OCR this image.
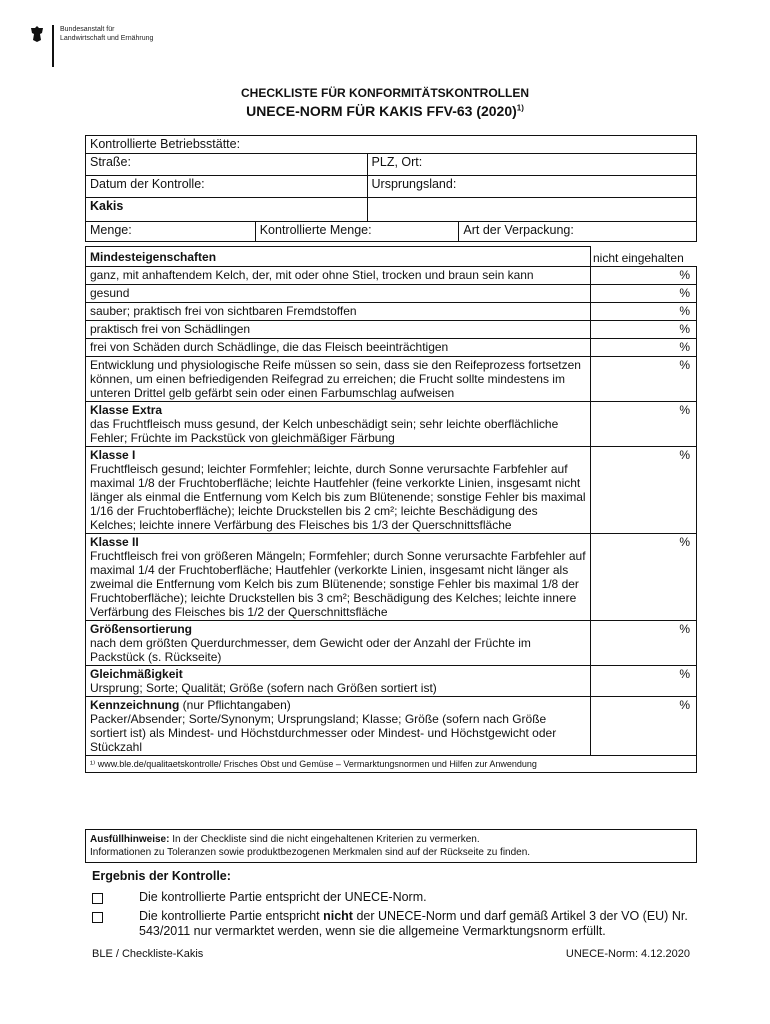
Bundesanstalt für
Landwirtschaft und Ernährung
CHECKLISTE FÜR KONFORMITÄTSKONTROLLEN
UNECE-NORM FÜR KAKIS FFV-63 $(2020)^{1)}$
Kontrollierte Betriebsstätte:			
Straße:		PLZ, Ort:	
Datum der Kontrolle:		Ursprungsland:	
Kakis			
Menge:	Kontrollierte Menge:		Art der Verpackung:
Mindesteigenschaften	nicht eingehalten
ganz, mit anhaftendem Kelch, der, mit oder ohne Stiel, trocken und braun sein kann	%
gesund	%
sauber; praktisch frei von sichtbaren Fremdstoffen	%
praktisch frei von Schädlingen	%
frei von Schäden durch Schädlinge, die das Fleisch beeinträchtigen	%
Entwicklung und physiologische Reife müssen so sein, dass sie den Reifeprozess fortsetzen können, um einen befriedigenden Reifegrad zu erreichen; die Frucht sollte mindestens im unteren Drittel gelb gefärbt sein oder einen Farbumschlag aufweisen	%

Klasse Extra
das Fruchtfleisch muss gesund, der Kelch unbeschädigt sein; sehr leichte oberflächliche Fehler; Früchte im Packstück von gleichmäßiger Färbung	%

Klasse I
Fruchtfleisch gesund; leichter Formfehler; leichte, durch Sonne verursachte Farbfehler auf maximal 1/8 der Fruchtoberfläche; leichte Hautfehler (feine verkorkte Linien, insgesamt nicht länger als einmal die Entfernung vom Kelch bis zum Blütenende; sonstige Fehler bis maximal 1/16 der Fruchtoberfläche); leichte Druckstellen bis 2 cm²; leichte Beschädigung des Kelches; leichte innere Verfärbung des Fleisches bis 1/3 der Querschnittsfläche	%

Klasse II
Fruchtfleisch frei von größeren Mängeln; Formfehler; durch Sonne verursachte Farbfehler auf maximal 1/4 der Fruchtoberfläche; Hautfehler (verkorkte Linien, insgesamt nicht länger als zweimal die Entfernung vom Kelch bis zum Blütenende; sonstige Fehler bis maximal 1/8 der Fruchtoberfläche); leichte Druckstellen bis 3 cm²; Beschädigung des Kelches; leichte innere Verfärbung des Fleisches bis 1/2 der Querschnittsfläche	%

Größensortierung
nach dem größten Querdurchmesser, dem Gewicht oder der Anzahl der Früchte im Packstück (s. Rückseite)	%

Gleichmäßigkeit
Ursprung; Sorte; Qualität; Größe (sofern nach Größen sortiert ist)	%

Kennzeichnung (nur Pflichtangaben)
Packer/Absender; Sorte/Synonym; Ursprungsland; Klasse; Größe (sofern nach Größe sortiert ist) als Mindest- und Höchstdurchmesser oder Mindest- und Höchstgewicht oder Stückzahl	%
¹⁾ www.ble.de/qualitaetskontrolle/ Frisches Obst und Gemüse – Vermarktungsnormen und Hilfen zur Anwendung	
Ausfüllhinweise: In der Checkliste sind die nicht eingehaltenen Kriterien zu vermerken.
Informationen zu Toleranzen sowie produktbezogenen Merkmalen sind auf der Rückseite zu finden.
Ergebnis der Kontrolle:
Die kontrollierte Partie entspricht der UNECE-Norm.
Die kontrollierte Partie entspricht nicht der UNECE-Norm und darf gemäß Artikel 3 der VO (EU) Nr. 543/2011 nur vermarktet werden, wenn sie die allgemeine Vermarktungsnorm erfüllt.
BLE / Checkliste-Kakis	UNECE-Norm: 4.12.2020
